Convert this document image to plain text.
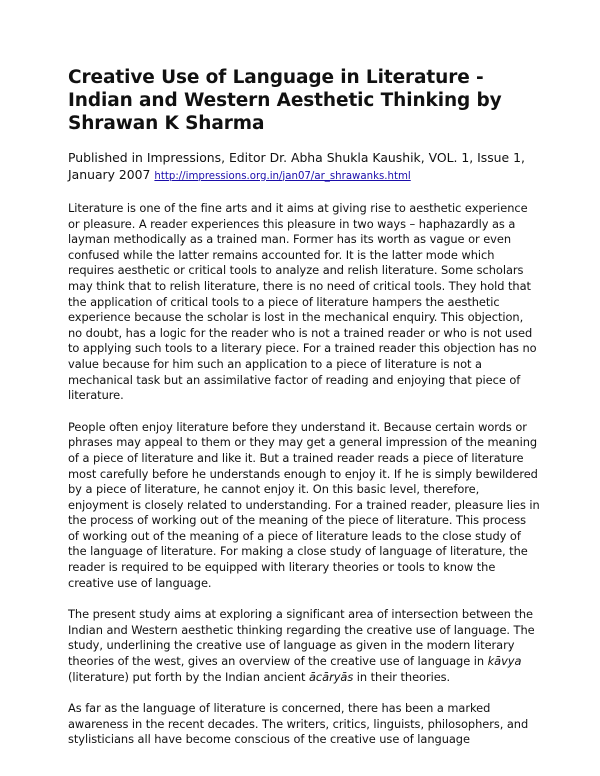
Creative Use of Language in Literature -Indian and Western Aesthetic Thinking by Shrawan K Sharma

Published in Impressions, Editor Dr. Abha Shukla Kaushik, VOL. 1, Issue 1, January 2007 http://impressions.org.in/jan07/ar_shrawanks.html

Literature is one of the fine arts and it aims at giving rise to aesthetic experience or pleasure. A reader experiences this pleasure in two ways – haphazardly as a layman methodically as a trained man. Former has its worth as vague or even confused while the latter remains accounted for. It is the latter mode which requires aesthetic or critical tools to analyze and relish literature. Some scholars may think that to relish literature, there is no need of critical tools. They hold that the application of critical tools to a piece of literature hampers the aesthetic experience because the scholar is lost in the mechanical enquiry. This objection, no doubt, has a logic for the reader who is not a trained reader or who is not used to applying such tools to a literary piece. For a trained reader this objection has no value because for him such an application to a piece of literature is not a mechanical task but an assimilative factor of reading and enjoying that piece of literature.

People often enjoy literature before they understand it. Because certain words or phrases may appeal to them or they may get a general impression of the meaning of a piece of literature and like it. But a trained reader reads a piece of literature most carefully before he understands enough to enjoy it. If he is simply bewildered by a piece of literature, he cannot enjoy it. On this basic level, therefore, enjoyment is closely related to understanding. For a trained reader, pleasure lies in the process of working out of the meaning of the piece of literature. This process of working out of the meaning of a piece of literature leads to the close study of the language of literature. For making a close study of language of literature, the reader is required to be equipped with literary theories or tools to know the creative use of language.

The present study aims at exploring a significant area of intersection between the Indian and Western aesthetic thinking regarding the creative use of language. The study, underlining the creative use of language as given in the modern literary theories of the west, gives an overview of the creative use of language in kāvya (literature) put forth by the Indian ancient ācāryās in their theories.

As far as the language of literature is concerned, there has been a marked awareness in the recent decades. The writers, critics, linguists, philosophers, and stylisticians all have become conscious of the creative use of language
